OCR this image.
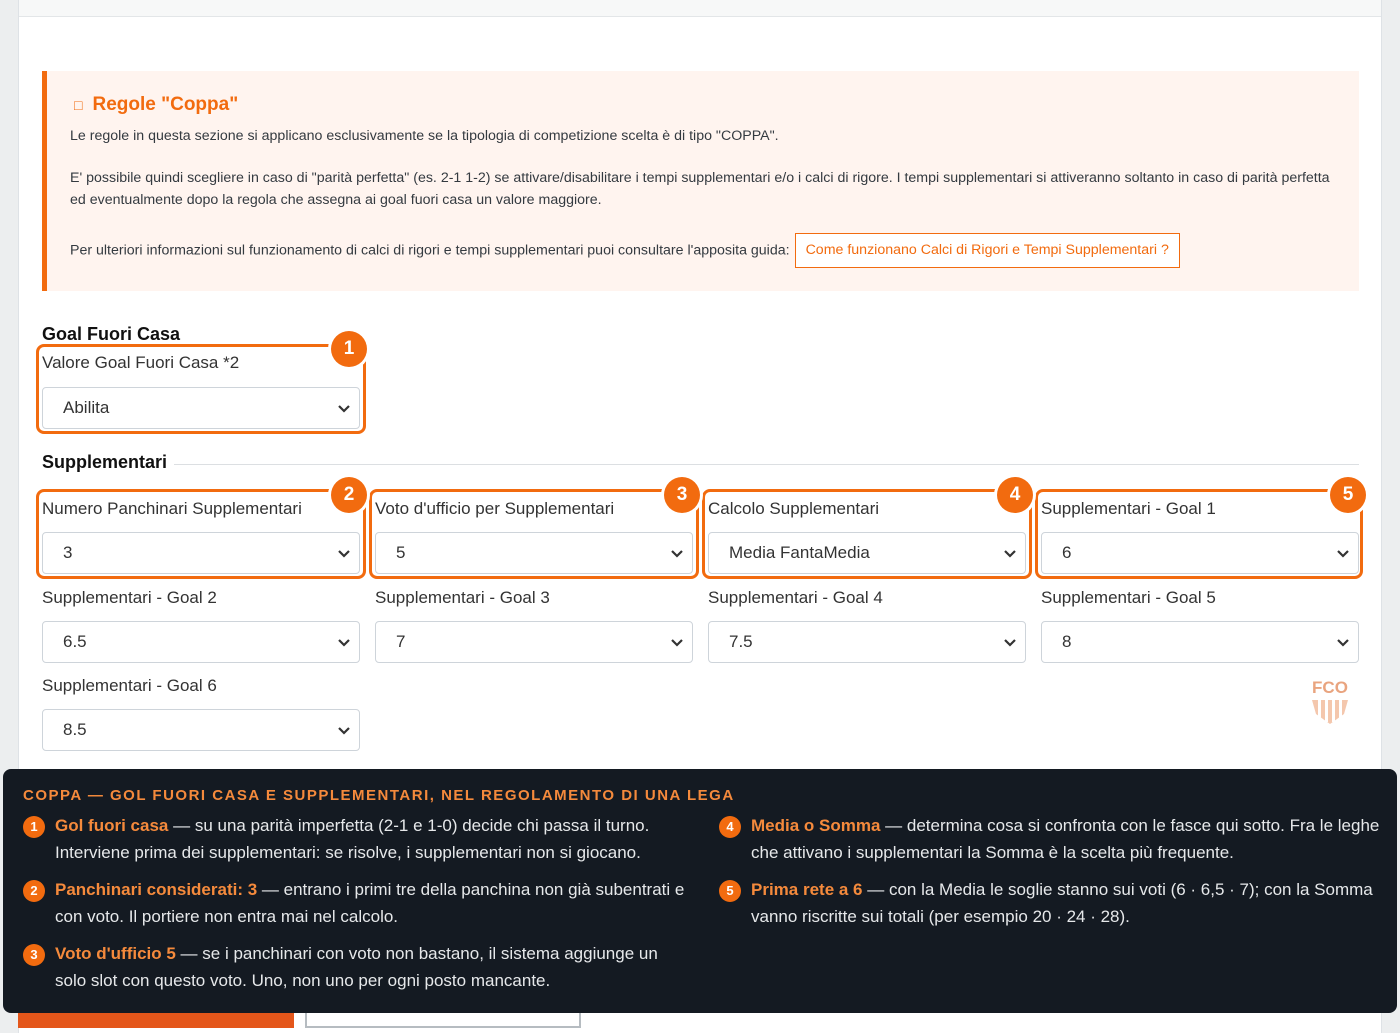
□ Regole "Coppa"

Le regole in questa sezione si applicano esclusivamente se la tipologia di competizione scelta è di tipo "COPPA".

E' possibile quindi scegliere in caso di "parità perfetta" (es. 2-1 1-2) se attivare/disabilitare i tempi supplementari e/o i calci di rigore. I tempi supplementari si attiveranno soltanto in caso di parità perfetta ed eventualmente dopo la regola che assegna ai goal fuori casa un valore maggiore.

Per ulteriori informazioni sul funzionamento di calci di rigori e tempi supplementari puoi consultare l'apposita guida: Come funzionano Calci di Rigori e Tempi Supplementari ?

Goal Fuori Casa
Valore Goal Fuori Casa *2
Abilita
1
Supplementari
Numero Panchinari Supplementari
3
Voto d'ufficio per Supplementari
5
Calcolo Supplementari
Media FantaMedia
Supplementari - Goal 1
6
2	3	4	5
Supplementari - Goal 2
6.5
Supplementari - Goal 3
7
Supplementari - Goal 4
7.5
Supplementari - Goal 5
8
Supplementari - Goal 6
8.5
FCO
COPPA — GOL FUORI CASA E SUPPLEMENTARI, NEL REGOLAMENTO DI UNA LEGA
1	Gol fuori casa — su una parità imperfetta (2-1 e 1-0) decide chi passa il turno. Interviene prima dei supplementari: se risolve, i supplementari non si giocano.
2	Panchinari considerati: 3 — entrano i primi tre della panchina non già subentrati e con voto. Il portiere non entra mai nel calcolo.
3	Voto d'ufficio 5 — se i panchinari con voto non bastano, il sistema aggiunge un solo slot con questo voto. Uno, non uno per ogni posto mancante.
4	Media o Somma — determina cosa si confronta con le fasce qui sotto. Fra le leghe che attivano i supplementari la Somma è la scelta più frequente.
5	Prima rete a 6 — con la Media le soglie stanno sui voti (6 · 6,5 · 7); con la Somma vanno riscritte sui totali (per esempio 20 · 24 · 28).
